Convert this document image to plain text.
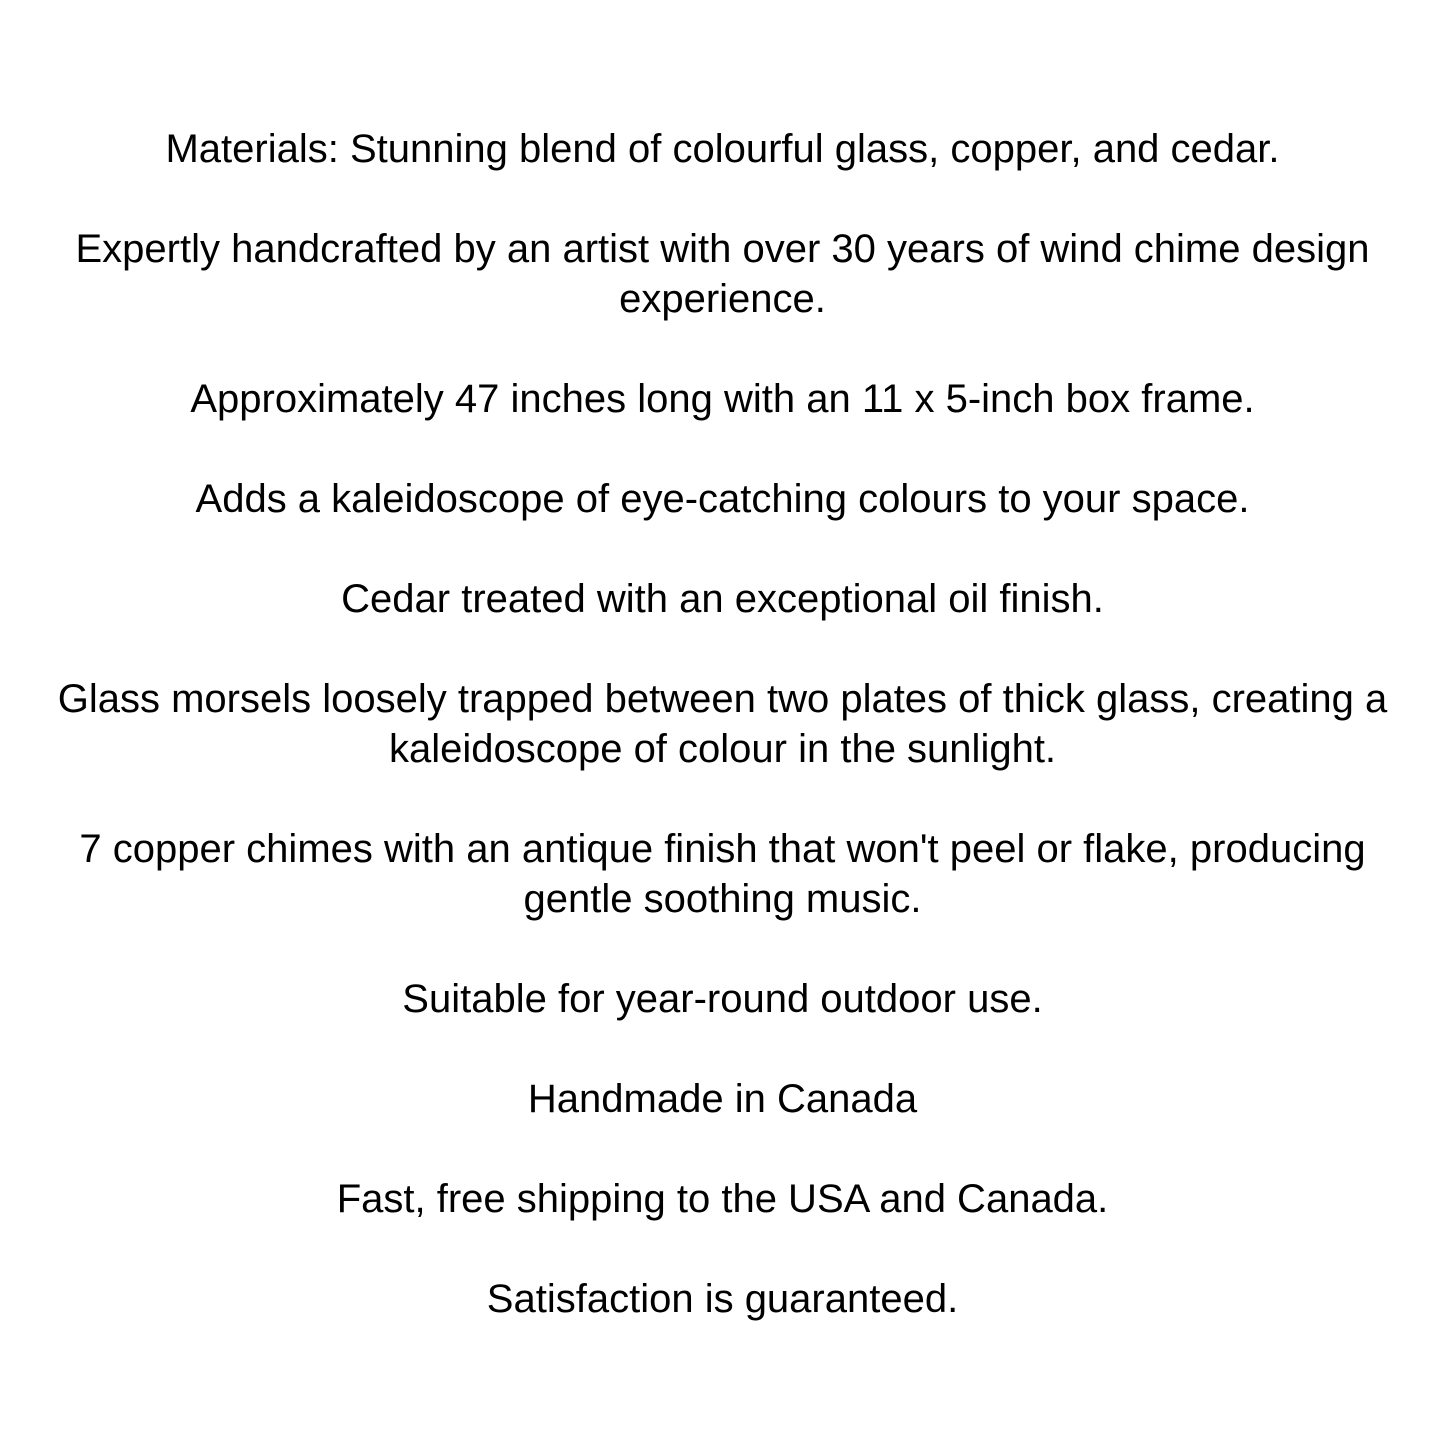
Materials: Stunning blend of colourful glass, copper, and cedar.

Expertly handcrafted by an artist with over 30 years of wind chime design
experience.

Approximately 47 inches long with an 11 x 5-inch box frame.

Adds a kaleidoscope of eye-catching colours to your space.

Cedar treated with an exceptional oil finish.

Glass morsels loosely trapped between two plates of thick glass, creating a
kaleidoscope of colour in the sunlight.

7 copper chimes with an antique finish that won't peel or flake, producing
gentle soothing music.

Suitable for year-round outdoor use.

Handmade in Canada

Fast, free shipping to the USA and Canada.

Satisfaction is guaranteed.
